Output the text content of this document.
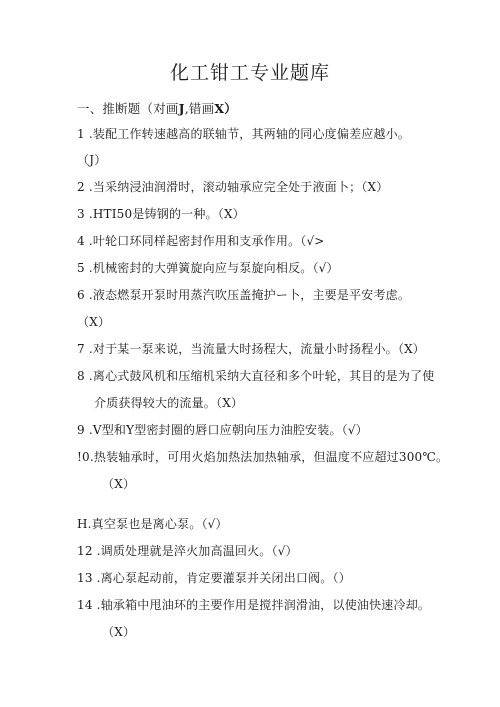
化工钳工专业题库
一、推断题（对画J,错画X）
1 .装配工作转速越高的联轴节，其两轴的同心度偏差应越小。
（J）
2 .当采纳浸油润滑时，滚动轴承应完全处于液面卜；（X）
3 .HTI50是铸钢的一种。（X）
4 .叶轮口环同样起密封作用和支承作用。（√>
5 .机械密封的大弹簧旋向应与泵旋向相反。（√）
6 .液态燃泵开泵时用蒸汽吹压盖掩护ー卜，主要是平安考虑。
（X）
7 .对于某一泵来说，当流量大时扬程大，流量小时扬程小。（X）
8 .离心式鼓风机和压缩机采纳大直径和多个叶轮，其目的是为了使
介质获得较大的流量。（X）
9 .V型和Y型密封圈的唇口应朝向压力油腔安装。（√）
!0.热装轴承时，可用火焰加热法加热轴承，但温度不应超过300℃。
（X）
H.真空泵也是离心泵。（√）
12 .调质处理就是淬火加高温回火。（√）
13 .离心泵起动前，肯定要灌泵并关闭出口阀。（）
14 .轴承箱中甩油环的主要作用是搅拌润滑油，以使油快速冷却。
（X）
